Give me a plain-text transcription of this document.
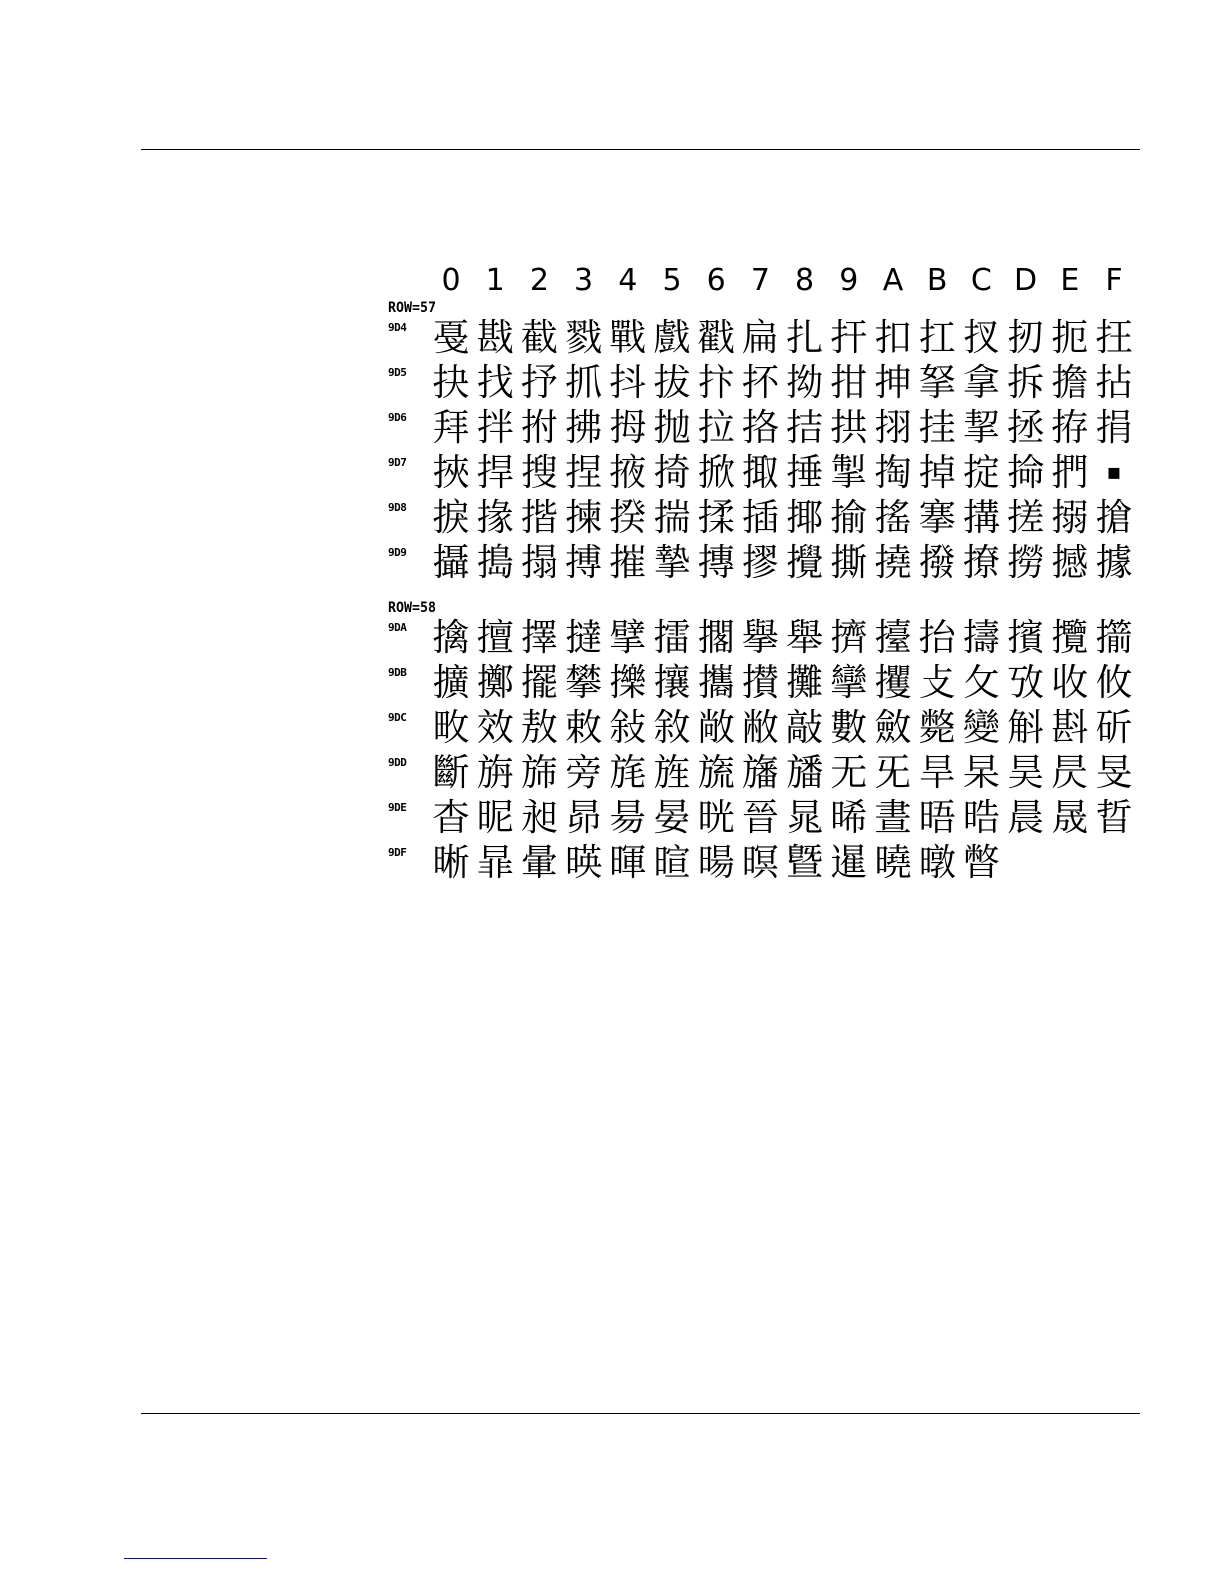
0 1 2 3 4 5 6 7 8 9 A B C D E F
ROW=57
9D4 戞 戡 截 戮 戰 戲 戳 扁 扎 扞 扣 扛 扠 扨 扼 抂
9D5 抉 找 抒 抓 抖 拔 抃 抔 拗 拑 抻 拏 拿 拆 擔 拈
9D6 拜 拌 拊 拂 拇 抛 拉 挌 拮 拱 挧 挂 挈 拯 拵 捐
9D7 挾 捍 搜 捏 掖 掎 掀 掫 捶 掣 掏 掉 掟 掵 捫 ▪
9D8 捩 掾 揩 揀 揆 揣 揉 插 揶 揄 搖 搴 搆 搓 搦 搶
9D9 攝 搗 搨 搏 摧 摯 摶 摎 攪 撕 撓 撥 撩 撈 撼 據
ROW=58
9DA 擒 擅 擇 撻 擘 擂 擱 擧 舉 擠 擡 抬 擣 擯 攬 擶
9DB 擴 擲 擺 攀 擽 攘 攜 攅 攤 攣 攫 攴 攵 攷 收 攸
9DC 畋 效 敖 敕 敍 敘 敞 敝 敲 數 斂 斃 變 斛 斟 斫
9DD 斷 旃 旆 旁 旄 旌 旒 旛 旙 无 旡 旱 杲 昊 昃 旻
9DE 杳 昵 昶 昴 昜 晏 晄 晉 晁 晞 晝 晤 晧 晨 晟 晢
9DF 晰 暃 暈 暎 暉 暄 暘 暝 曁 暹 曉 暾 暼
